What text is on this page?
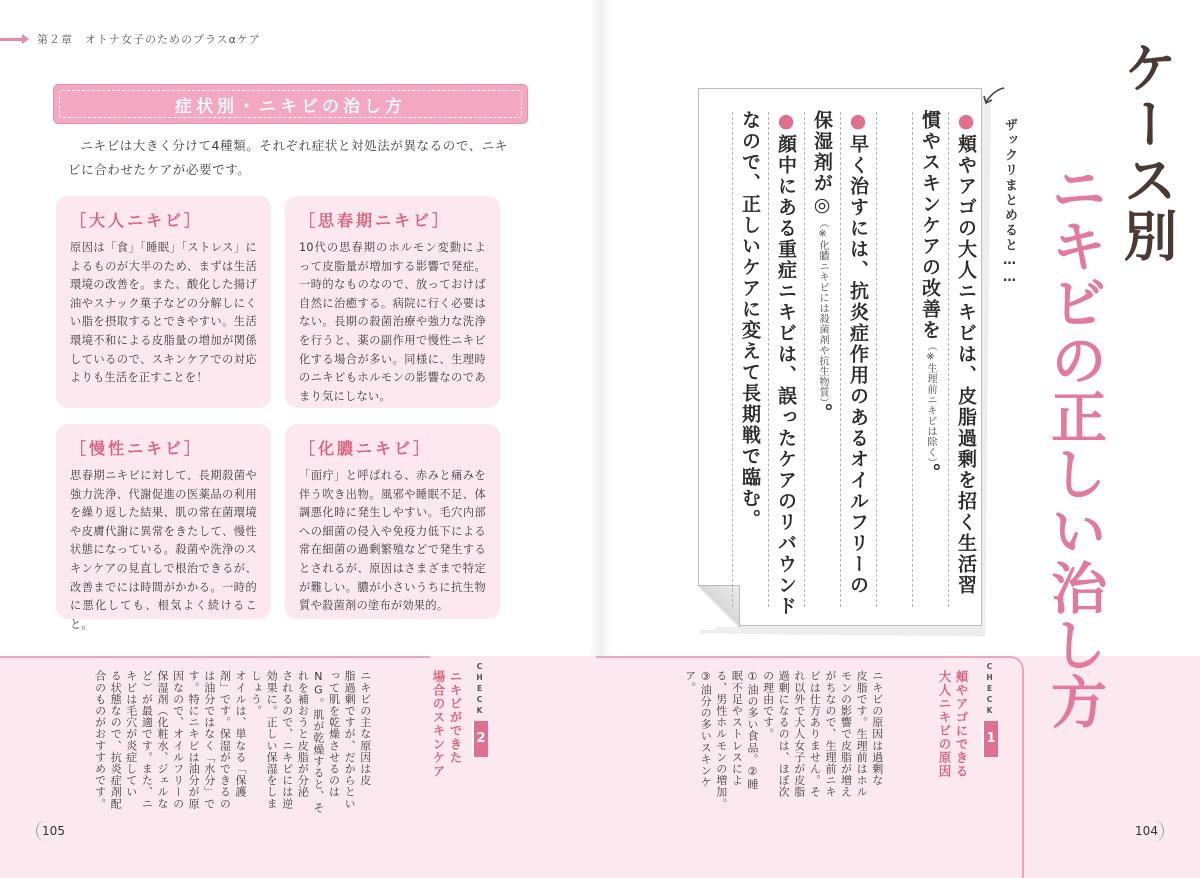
第２章　オトナ女子のためのプラスαケア
症状別・ニキビの治し方

ニキビは大きく分けて4種類。それぞれ症状と対処法が異なるので、ニキビに合わせたケアが必要です。

［大人ニキビ］
原因は「食」「睡眠」「ストレス」によるものが大半のため、まずは生活環境の改善を。また、酸化した揚げ油やスナック菓子などの分解しにくい脂を摂取するとできやすい。生活環境不和による皮脂量の増加が関係しているので、スキンケアでの対応よりも生活を正すことを！
［思春期ニキビ］
10代の思春期のホルモン変動によって皮脂量が増加する影響で発症。一時的なものなので、放っておけば自然に治癒する。病院に行く必要はない。長期の殺菌治療や強力な洗浄を行うと、薬の副作用で慢性ニキビ化する場合が多い。同様に、生理時のニキビもホルモンの影響なのであまり気にしない。
［慢性ニキビ］
思春期ニキビに対して、長期殺菌や強力洗浄、代謝促進の医薬品の利用を繰り返した結果、肌の常在菌環境や皮膚代謝に異常をきたして、慢性状態になっている。殺菌や洗浄のスキンケアの見直しで根治できるが、改善までには時間がかかる。一時的に悪化しても、根気よく続けること。
［化膿ニキビ］
「面疔」と呼ばれる、赤みと痛みを伴う吹き出物。風邪や睡眠不足、体調悪化時に発生しやすい。毛穴内部への細菌の侵入や免疫力低下による常在細菌の過剰繁殖などで発生するとされるが、原因はさまざまで特定が難しい。膿が小さいうちに抗生物質や殺菌剤の塗布が効果的。
CHECK
1
頬やアゴにできる
大人ニキビの原因
ニキビの原因は過剰な
皮脂です。生理前はホル
モンの影響で皮脂が増え
がちなので、生理前ニキ
ビは仕方ありません。そ
れ以外で大人女子が皮脂
過剰になるのは、ほぼ次
の理由です。
①油の多い食品。②睡
眠不足やストレスによ
る、男性ホルモンの増加。
③油分の多いスキンケ
ア。
CHECK
2
ニキビができた
場合のスキンケア
ニキビの主な原因は皮
脂過剰ですが、だからとい
って肌を乾燥させるのは
NG。肌が乾燥すると、そ
れを補おうと皮脂が分泌
されるので、ニキビには逆
効果に。正しい保湿をしま
しょう。
オイルは、単なる「保護
剤」です。保湿ができるの
は油分ではなく「水分」で
す。特にニキビは油分が原
因なので、オイルフリーの
保湿剤（化粧水、ジェルな
ど）が最適です。また、ニ
キビは毛穴が炎症してい
る状態なので、抗炎症剤配
合のものがおすすめです。
105	104
●頬やアゴの大人ニキビは、皮脂過剰を招く生活習
慣やスキンケアの改善を（※生理前ニキビは除く）。
●早く治すには、抗炎症作用のあるオイルフリーの
保湿剤が◎（※化膿ニキビには殺菌剤や抗生物質）。
●顔中にある重症ニキビは、誤ったケアのリバウンド
なので、正しいケアに変えて長期戦で臨む。	ザックリまとめると…… ケース別
ニキビの正しい治し方
